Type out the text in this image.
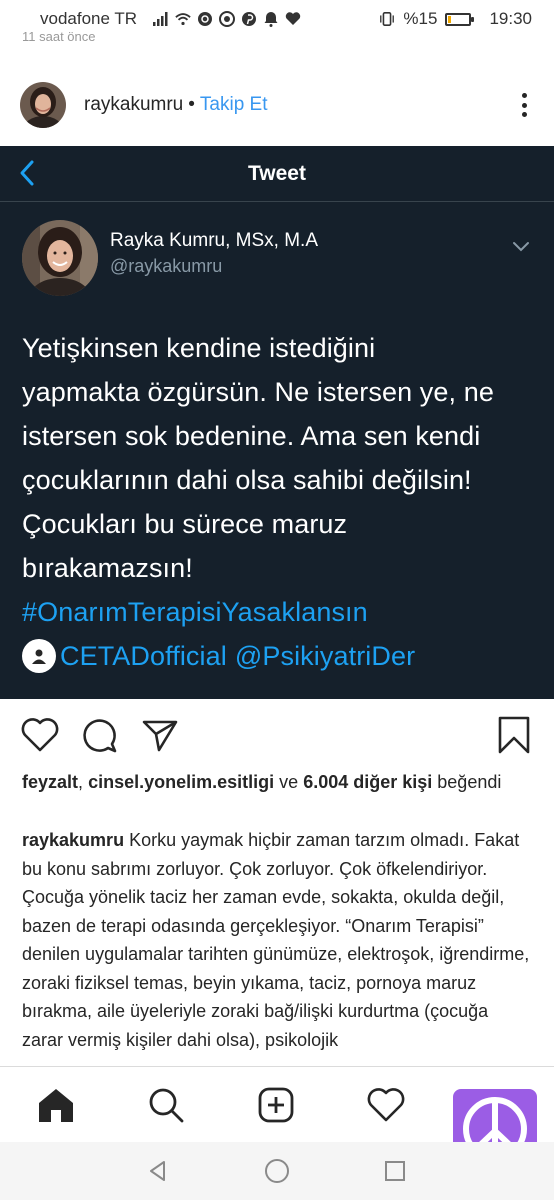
vodafone TR	%15	19:30
11 saat önce
raykakumru • Takip Et
Tweet
Rayka Kumru, MSx, M.A
@raykakumru
Yetişkinsen kendine istediğini
yapmakta özgürsün. Ne istersen ye, ne
istersen sok bedenine. Ama sen kendi
çocuklarının dahi olsa sahibi değilsin!
Çocukları bu sürece maruz
bırakamazsın!
#OnarımTerapisiYasaklansın
CETADofficial @PsikiyatriDer
feyzalt, cinsel.yonelim.esitligi ve 6.004 diğer kişi beğendi
raykakumru Korku yaymak hiçbir zaman tarzım olmadı. Fakat bu konu sabrımı zorluyor. Çok zorluyor. Çok öfkelendiriyor. Çocuğa yönelik taciz her zaman evde, sokakta, okulda değil, bazen de terapi odasında gerçekleşiyor. “Onarım Terapisi” denilen uygulamalar tarihten günümüze, elektroşok, iğrendirme, zoraki fiziksel temas, beyin yıkama, taciz, pornoya maruz bırakma, aile üyeleriyle zoraki bağ/ilişki kurdurtma (çocuğa zarar vermiş kişiler dahi olsa), psikolojik
